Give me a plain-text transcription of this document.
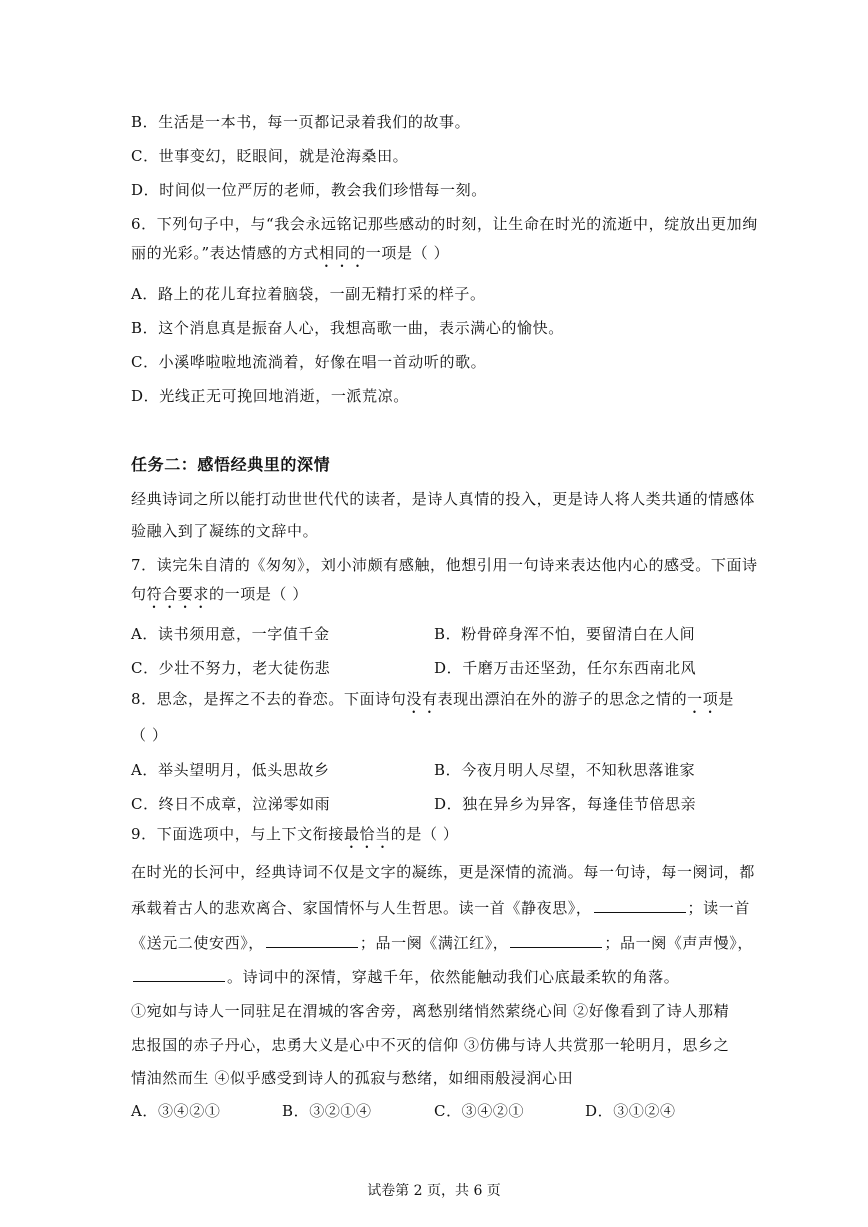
B．生活是一本书，每一页都记录着我们的故事。
C．世事变幻，眨眼间，就是沧海桑田。
D．时间似一位严厉的老师，教会我们珍惜每一刻。
6．下列句子中，与“我会永远铭记那些感动的时刻，让生命在时光的流逝中，绽放出更加绚
丽的光彩。”表达情感的方式相同的一项是（ ）
A．路上的花儿耷拉着脑袋，一副无精打采的样子。
B．这个消息真是振奋人心，我想高歌一曲，表示满心的愉快。
C．小溪哗啦啦地流淌着，好像在唱一首动听的歌。
D．光线正无可挽回地消逝，一派荒凉。
任务二：感悟经典里的深情
经典诗词之所以能打动世世代代的读者，是诗人真情的投入，更是诗人将人类共通的情感体
验融入到了凝练的文辞中。
7．读完朱自清的《匆匆》，刘小沛颇有感触，他想引用一句诗来表达他内心的感受。下面诗
句符合要求的一项是（ ）
A．读书须用意，一字值千金	B．粉骨碎身浑不怕，要留清白在人间
C．少壮不努力，老大徒伤悲	D．千磨万击还坚劲，任尔东西南北风
8．思念，是挥之不去的眷恋。下面诗句没有表现出漂泊在外的游子的思念之情的一项是
（ ）
A．举头望明月，低头思故乡	B．今夜月明人尽望，不知秋思落谁家
C．终日不成章，泣涕零如雨	D．独在异乡为异客，每逢佳节倍思亲
9．下面选项中，与上下文衔接最恰当的是（ ）
在时光的长河中，经典诗词不仅是文字的凝练，更是深情的流淌。每一句诗，每一阕词，都
承载着古人的悲欢离合、家国情怀与人生哲思。读一首《静夜思》，	；读一首
《送元二使安西》，	；品一阕《满江红》，	；品一阕《声声慢》，
。诗词中的深情，穿越千年，依然能触动我们心底最柔软的角落。
①宛如与诗人一同驻足在渭城的客舍旁，离愁别绪悄然萦绕心间 ②好像看到了诗人那精
忠报国的赤子丹心，忠勇大义是心中不灭的信仰 ③仿佛与诗人共赏那一轮明月，思乡之
情油然而生 ④似乎感受到诗人的孤寂与愁绪，如细雨般浸润心田
A．③④②①	B．③②①④	C．③④②①	D．③①②④
试卷第 2 页，共 6 页
